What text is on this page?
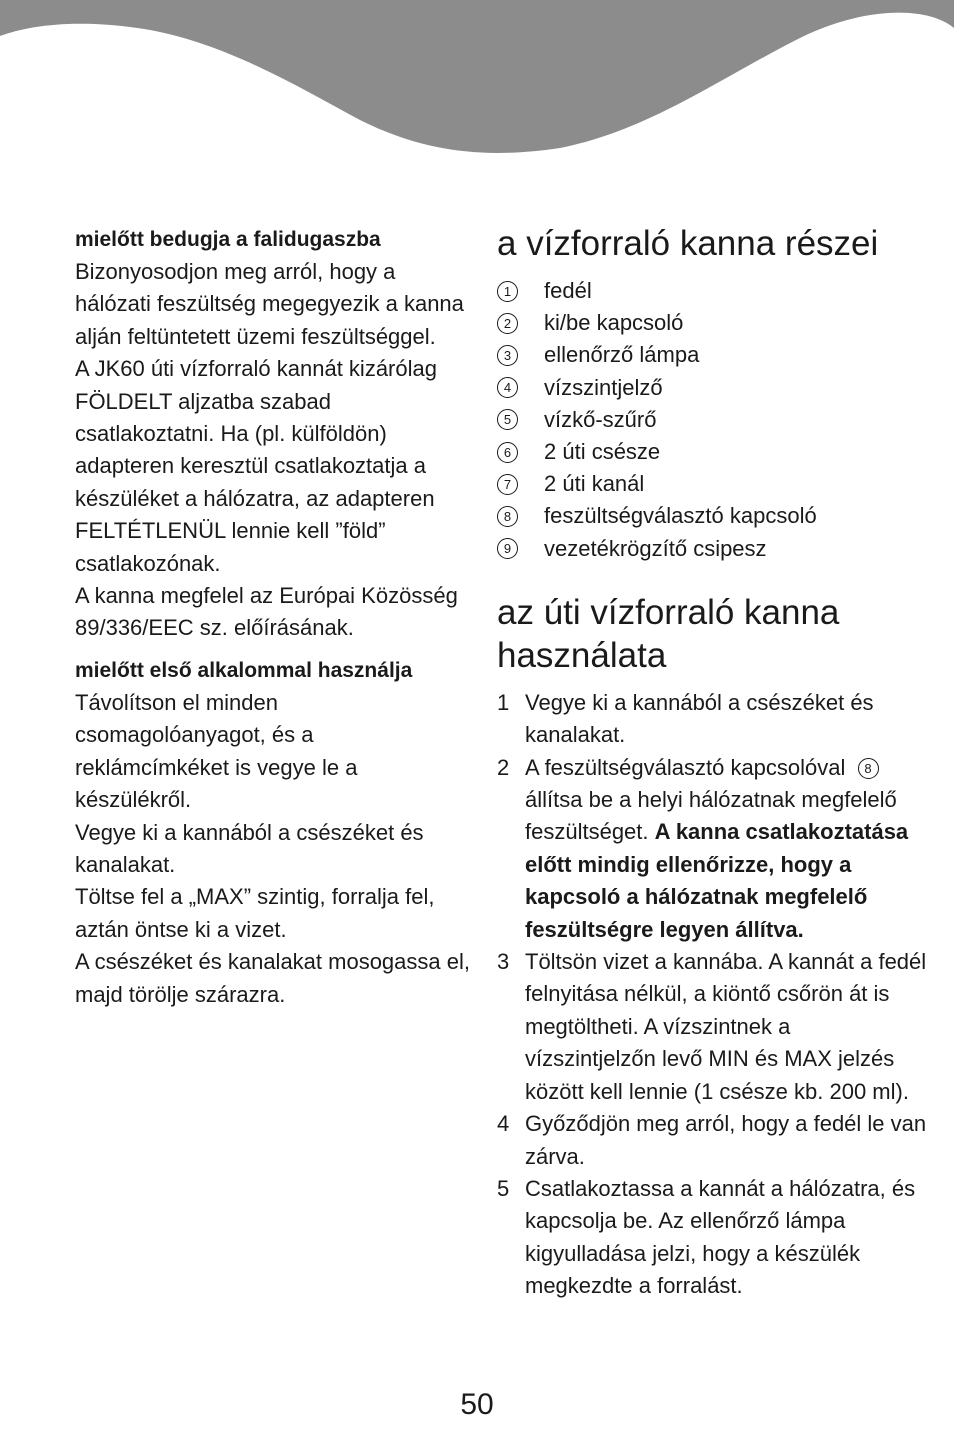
mielőtt bedugja a falidugaszba

Bizonyosodjon meg arról, hogy a hálózati feszültség megegyezik a kanna alján feltüntetett üzemi feszültséggel.

A JK60 úti vízforraló kannát kizárólag FÖLDELT aljzatba szabad csatlakoztatni. Ha (pl. külföldön) adapteren keresztül csatlakoztatja a készüléket a hálózatra, az adapteren FELTÉTLENÜL lennie kell ”föld” csatlakozónak.

A kanna megfelel az Európai Közösség 89/336/EEC sz. előírásának.

mielőtt első alkalommal használja

Távolítson el minden csomagolóanyagot, és a reklámcímkéket is vegye le a készülékről.

Vegye ki a kannából a csészéket és kanalakat.

Töltse fel a „MAX” szintig, forralja fel, aztán öntse ki a vizet.

A csészéket és kanalakat mosogassa el, majd törölje szárazra.

a vízforraló kanna részei
1	fedél
2	ki/be kapcsoló
3	ellenőrző lámpa
4	vízszintjelző
5	vízkő-szűrő
6	2 úti csésze
7	2 úti kanál
8	feszültségválasztó kapcsoló
9	vezetékrögzítő csipesz
az úti vízforraló kanna használata
1 Vegye ki a kannából a csészéket és kanalakat.
2 A feszültségválasztó kapcsolóval 8 állítsa be a helyi hálózatnak megfelelő feszültséget. A kanna csatlakoztatása előtt mindig ellenőrizze, hogy a kapcsoló a hálózatnak megfelelő feszültségre legyen állítva.
3 Töltsön vizet a kannába. A kannát a fedél felnyitása nélkül, a kiöntő csőrön át is megtöltheti. A vízszintnek a vízszintjelzőn levő MIN és MAX jelzés között kell lennie (1 csésze kb. 200 ml).
4 Győződjön meg arról, hogy a fedél le van zárva.
5 Csatlakoztassa a kannát a hálózatra, és kapcsolja be. Az ellenőrző lámpa kigyulladása jelzi, hogy a készülék megkezdte a forralást.
50
